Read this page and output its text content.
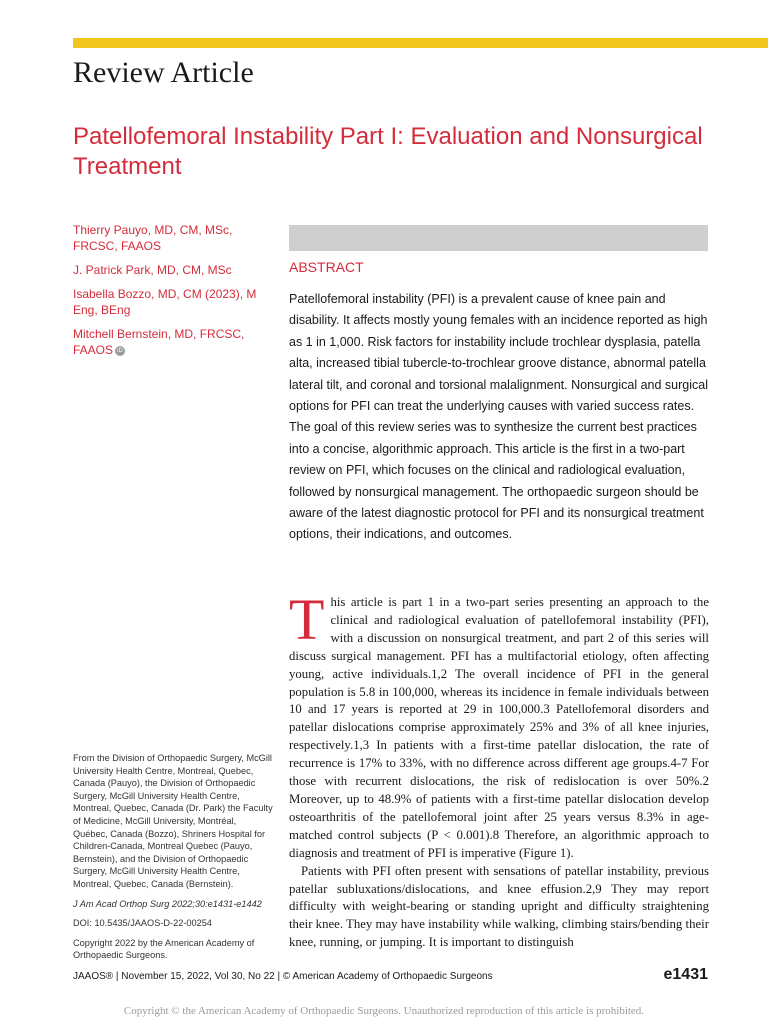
Review Article
Patellofemoral Instability Part I: Evaluation and Nonsurgical Treatment
Thierry Pauyo, MD, CM, MSc, FRCSC, FAAOS
J. Patrick Park, MD, CM, MSc
Isabella Bozzo, MD, CM (2023), M Eng, BEng
Mitchell Bernstein, MD, FRCSC, FAAOS iD
ABSTRACT
Patellofemoral instability (PFI) is a prevalent cause of knee pain and disability. It affects mostly young females with an incidence reported as high as 1 in 1,000. Risk factors for instability include trochlear dysplasia, patella alta, increased tibial tubercle-to-trochlear groove distance, abnormal patella lateral tilt, and coronal and torsional malalignment. Nonsurgical and surgical options for PFI can treat the underlying causes with varied success rates. The goal of this review series was to synthesize the current best practices into a concise, algorithmic approach. This article is the first in a two-part review on PFI, which focuses on the clinical and radiological evaluation, followed by nonsurgical management. The orthopaedic surgeon should be aware of the latest diagnostic protocol for PFI and its nonsurgical treatment options, their indications, and outcomes.

This article is part 1 in a two-part series presenting an approach to the clinical and radiological evaluation of patellofemoral instability (PFI), with a discussion on nonsurgical treatment, and part 2 of this series will discuss surgical management. PFI has a multifactorial etiology, often affecting young, active individuals.1,2 The overall incidence of PFI in the general population is 5.8 in 100,000, whereas its incidence in female individuals between 10 and 17 years is reported at 29 in 100,000.3 Patellofemoral disorders and patellar dislocations comprise approximately 25% and 3% of all knee injuries, respectively.1,3 In patients with a first-time patellar dislocation, the rate of recurrence is 17% to 33%, with no difference across different age groups.4-7 For those with recurrent dislocations, the risk of redislocation is over 50%.2 Moreover, up to 48.9% of patients with a first-time patellar dislocation develop osteoarthritis of the patellofemoral joint after 25 years versus 8.3% in age-matched control subjects (P < 0.001).8 Therefore, an algorithmic approach to diagnosis and treatment of PFI is imperative (Figure 1).

Patients with PFI often present with sensations of patellar instability, previous patellar subluxations/dislocations, and knee effusion.2,9 They may report difficulty with weight-bearing or standing upright and difficulty straightening their knee. They may have instability while walking, climbing stairs/bending their knee, running, or jumping. It is important to distinguish

From the Division of Orthopaedic Surgery, McGill University Health Centre, Montreal, Quebec, Canada (Pauyo), the Division of Orthopaedic Surgery, McGill University Health Centre, Montreal, Quebec, Canada (Dr. Park) the Faculty of Medicine, McGill University, Montréal, Québec, Canada (Bozzo), Shriners Hospital for Children-Canada, Montreal Quebec (Pauyo, Bernstein), and the Division of Orthopaedic Surgery, McGill University Health Centre, Montreal, Quebec, Canada (Bernstein).

J Am Acad Orthop Surg 2022;30:e1431-e1442

DOI: 10.5435/JAAOS-D-22-00254

Copyright 2022 by the American Academy of Orthopaedic Surgeons.

JAAOS® | November 15, 2022, Vol 30, No 22 | © American Academy of Orthopaedic Surgeons	e1431
Copyright © the American Academy of Orthopaedic Surgeons. Unauthorized reproduction of this article is prohibited.
